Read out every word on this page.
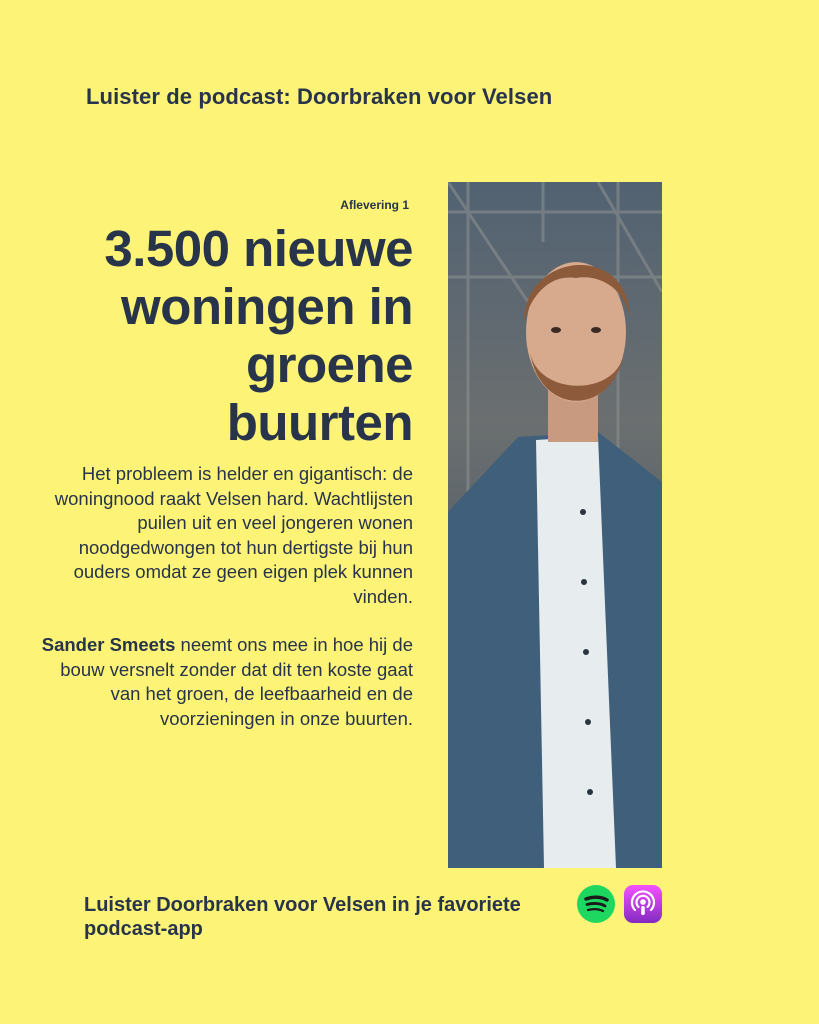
Luister de podcast: Doorbraken voor Velsen
Aflevering 1
3.500 nieuwe
woningen in
groene
buurten

Het probleem is helder en gigantisch: de woningnood raakt Velsen hard. Wachtlijsten puilen uit en veel jongeren wonen noodgedwongen tot hun dertigste bij hun ouders omdat ze geen eigen plek kunnen vinden.

Sander Smeets neemt ons mee in hoe hij de bouw versnelt zonder dat dit ten koste gaat van het groen, de leefbaarheid en de voorzieningen in onze buurten.

Luister Doorbraken voor Velsen in je favoriete podcast-app
